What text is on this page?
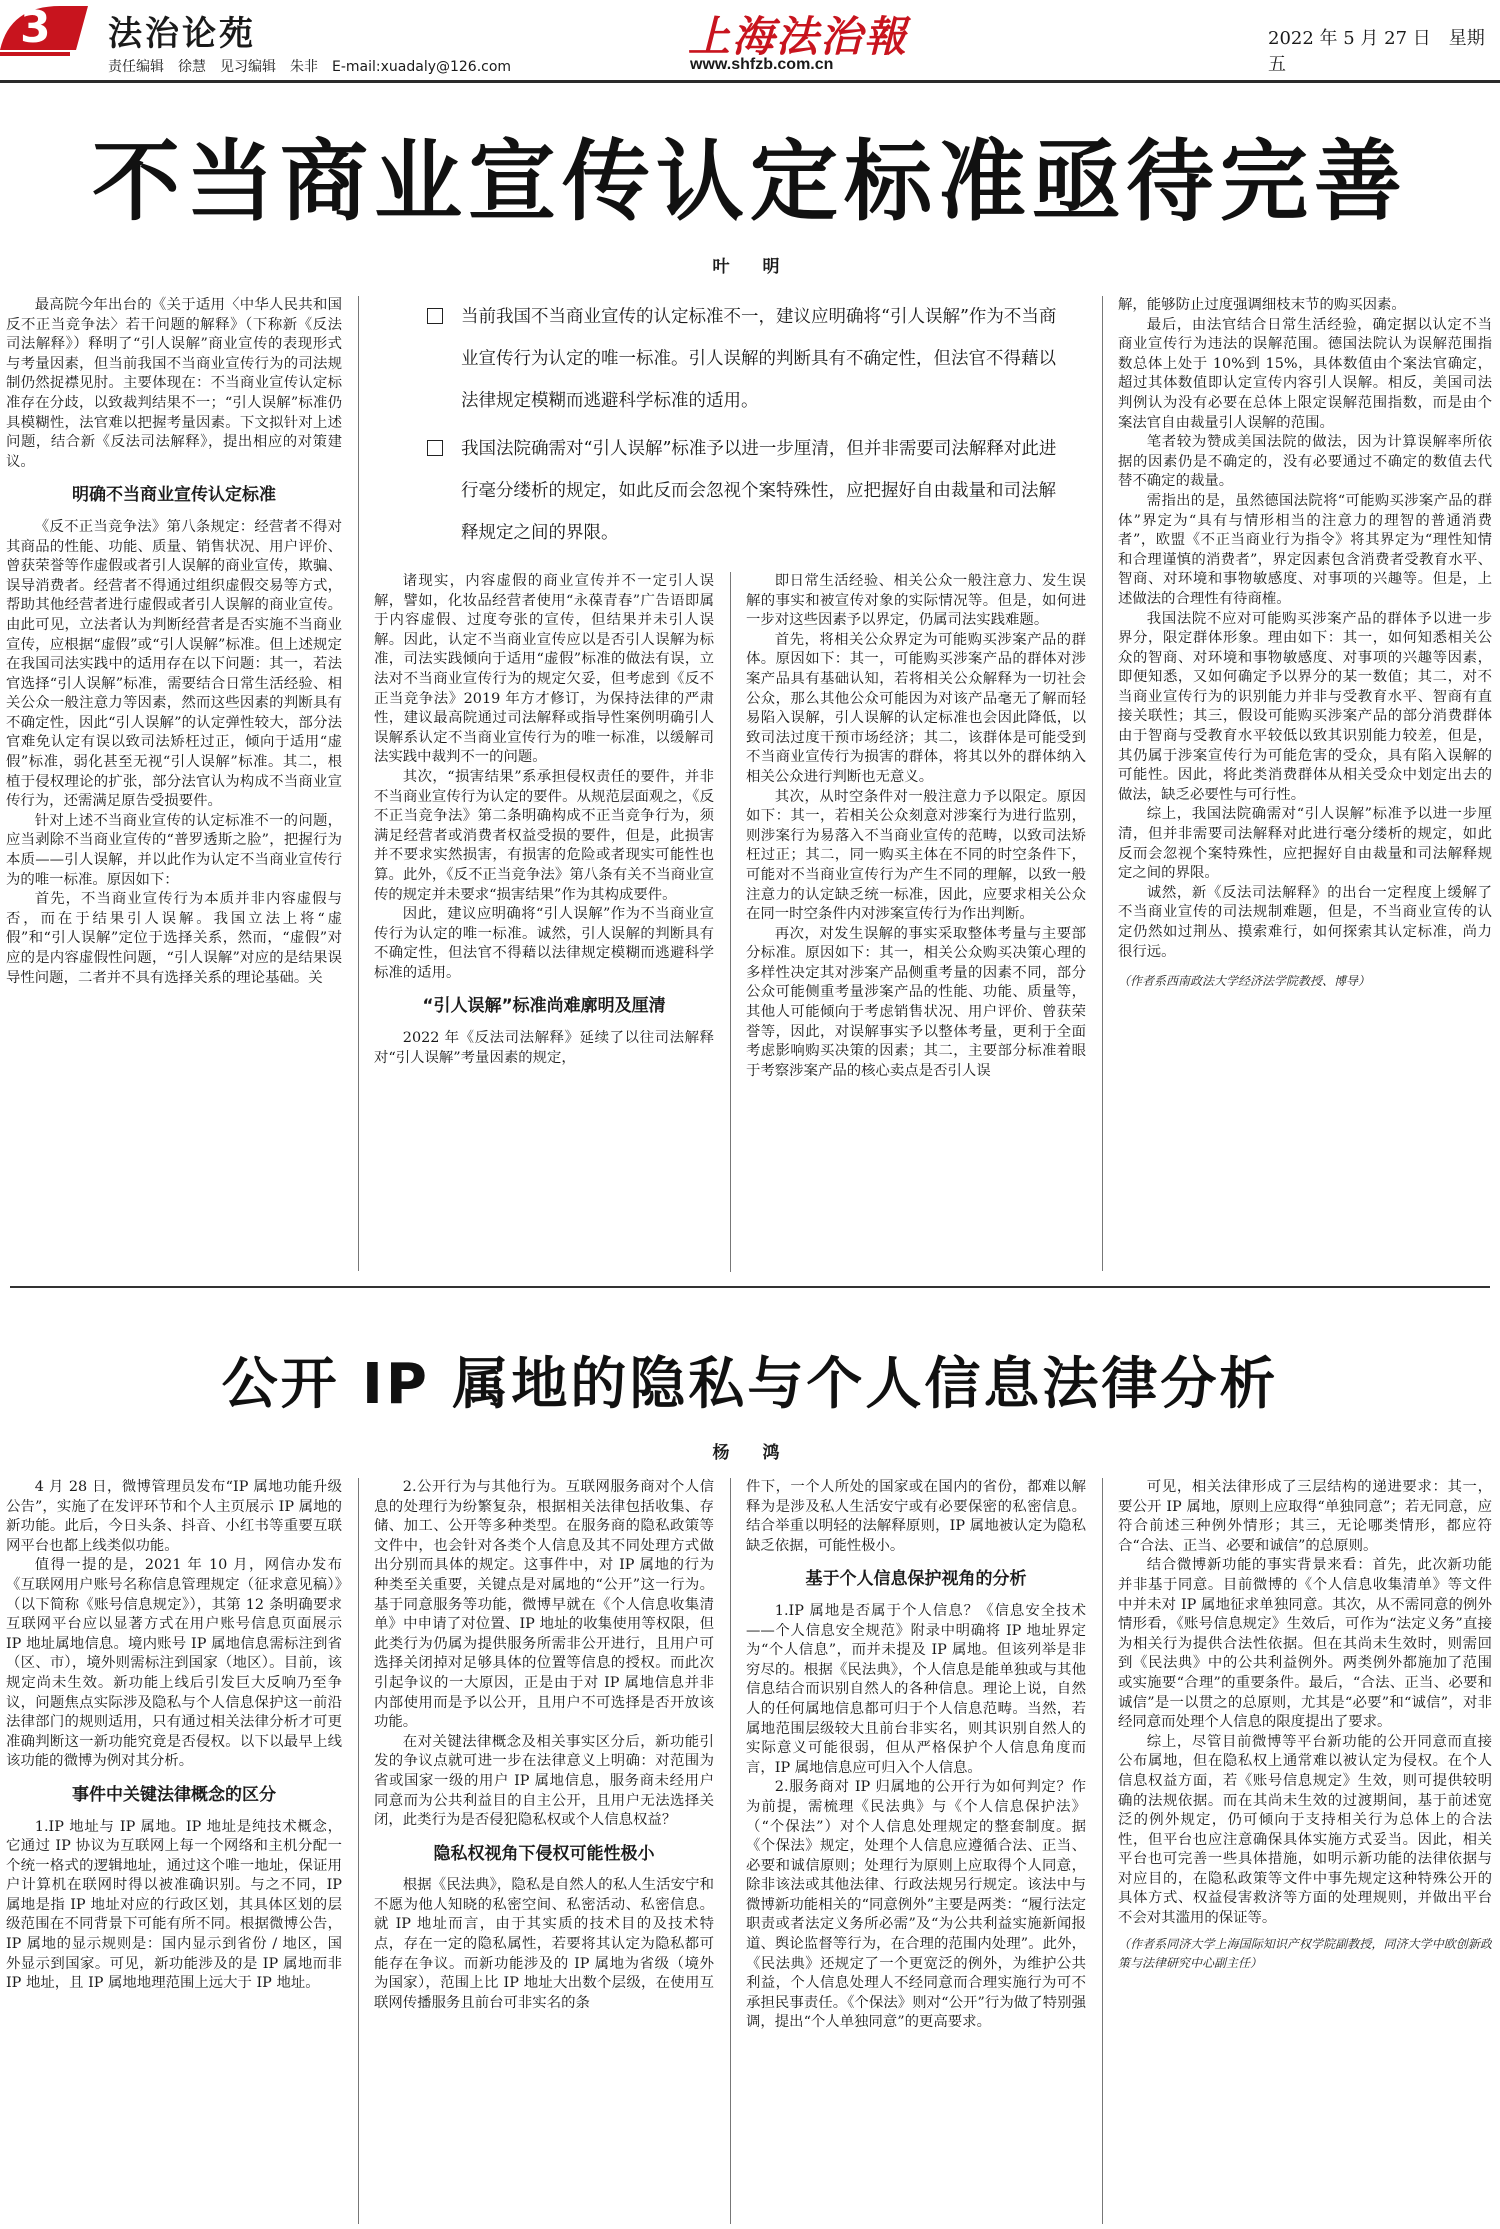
3 法治论苑
责任编辑　徐慧　见习编辑　朱非　E-mail:xuadaly@126.com
上海法治報
www.shfzb.com.cn
2022 年 5 月 27 日　星期五
不当商业宣传认定标准亟待完善
叶　明
当前我国不当商业宣传的认定标准不一，建议应明确将“引人误解”作为不当商业宣传行为认定的唯一标准。引人误解的判断具有不确定性，但法官不得藉以法律规定模糊而逃避科学标准的适用。
我国法院确需对“引人误解”标准予以进一步厘清，但并非需要司法解释对此进行毫分缕析的规定，如此反而会忽视个案特殊性，应把握好自由裁量和司法解释规定之间的界限。

最高院今年出台的《关于适用〈中华人民共和国反不正当竞争法〉若干问题的解释》（下称新《反法司法解释》）释明了“引人误解”商业宣传的表现形式与考量因素，但当前我国不当商业宣传行为的司法规制仍然捉襟见肘。主要体现在：不当商业宣传认定标准存在分歧，以致裁判结果不一；“引人误解”标准仍具模糊性，法官难以把握考量因素。下文拟针对上述问题，结合新《反法司法解释》，提出相应的对策建议。

明确不当商业宣传认定标准

《反不正当竞争法》第八条规定：经营者不得对其商品的性能、功能、质量、销售状况、用户评价、曾获荣誉等作虚假或者引人误解的商业宣传，欺骗、误导消费者。经营者不得通过组织虚假交易等方式，帮助其他经营者进行虚假或者引人误解的商业宣传。由此可见，立法者认为判断经营者是否实施不当商业宣传，应根据“虚假”或“引人误解”标准。但上述规定在我国司法实践中的适用存在以下问题：其一，若法官选择“引人误解”标准，需要结合日常生活经验、相关公众一般注意力等因素，然而这些因素的判断具有不确定性，因此“引人误解”的认定弹性较大，部分法官难免认定有误以致司法矫枉过正，倾向于适用“虚假”标准，弱化甚至无视“引人误解”标准。其二，根植于侵权理论的扩张，部分法官认为构成不当商业宣传行为，还需满足原告受损要件。

针对上述不当商业宣传的认定标准不一的问题，应当剥除不当商业宣传的“普罗透斯之脸”，把握行为本质——引人误解，并以此作为认定不当商业宣传行为的唯一标准。原因如下：

首先，不当商业宣传行为本质并非内容虚假与否，而在于结果引人误解。我国立法上将“虚假”和“引人误解”定位于选择关系，然而，“虚假”对应的是内容虚假性问题，“引人误解”对应的是结果误导性问题，二者并不具有选择关系的理论基础。关

诸现实，内容虚假的商业宣传并不一定引人误解，譬如，化妆品经营者使用“永葆青春”广告语即属于内容虚假、过度夸张的宣传，但结果并未引人误解。因此，认定不当商业宣传应以是否引人误解为标准，司法实践倾向于适用“虚假”标准的做法有误，立法对不当商业宣传行为的规定欠妥，但考虑到《反不正当竞争法》2019 年方才修订，为保持法律的严肃性，建议最高院通过司法解释或指导性案例明确引人误解系认定不当商业宣传行为的唯一标准，以缓解司法实践中裁判不一的问题。

其次，“损害结果”系承担侵权责任的要件，并非不当商业宣传行为认定的要件。从规范层面观之，《反不正当竞争法》第二条明确构成不正当竞争行为，须满足经营者或消费者权益受损的要件，但是，此损害并不要求实然损害，有损害的危险或者现实可能性也算。此外，《反不正当竞争法》第八条有关不当商业宣传的规定并未要求“损害结果”作为其构成要件。

因此，建议应明确将“引人误解”作为不当商业宣传行为认定的唯一标准。诚然，引人误解的判断具有不确定性，但法官不得藉以法律规定模糊而逃避科学标准的适用。

“引人误解”标准尚难廓明及厘清

2022 年《反法司法解释》延续了以往司法解释对“引人误解”考量因素的规定，

即日常生活经验、相关公众一般注意力、发生误解的事实和被宣传对象的实际情况等。但是，如何进一步对这些因素予以界定，仍属司法实践难题。

首先，将相关公众界定为可能购买涉案产品的群体。原因如下：其一，可能购买涉案产品的群体对涉案产品具有基础认知，若将相关公众解释为一切社会公众，那么其他公众可能因为对该产品毫无了解而轻易陷入误解，引人误解的认定标准也会因此降低，以致司法过度干预市场经济；其二，该群体是可能受到不当商业宣传行为损害的群体，将其以外的群体纳入相关公众进行判断也无意义。

其次，从时空条件对一般注意力予以限定。原因如下：其一，若相关公众刻意对涉案行为进行监别，则涉案行为易落入不当商业宣传的范畴，以致司法矫枉过正；其二，同一购买主体在不同的时空条件下，可能对不当商业宣传行为产生不同的理解，以致一般注意力的认定缺乏统一标准，因此，应要求相关公众在同一时空条件内对涉案宣传行为作出判断。

再次，对发生误解的事实采取整体考量与主要部分标准。原因如下：其一，相关公众购买决策心理的多样性决定其对涉案产品侧重考量的因素不同，部分公众可能侧重考量涉案产品的性能、功能、质量等，其他人可能倾向于考虑销售状况、用户评价、曾获荣誉等，因此，对误解事实予以整体考量，更利于全面考虑影响购买决策的因素；其二，主要部分标准着眼于考察涉案产品的核心卖点是否引人误

解，能够防止过度强调细枝末节的购买因素。

最后，由法官结合日常生活经验，确定据以认定不当商业宣传行为违法的误解范围。德国法院认为误解范围指数总体上处于 10%到 15%，具体数值由个案法官确定，超过其体数值即认定宣传内容引人误解。相反，美国司法判例认为没有必要在总体上限定误解范围指数，而是由个案法官自由裁量引人误解的范围。

笔者较为赞成美国法院的做法，因为计算误解率所依据的因素仍是不确定的，没有必要通过不确定的数值去代替不确定的裁量。

需指出的是，虽然德国法院将“可能购买涉案产品的群体”界定为“具有与情形相当的注意力的理智的普通消费者”，欧盟《不正当商业行为指令》将其界定为“理性知情和合理谨慎的消费者”，界定因素包含消费者受教育水平、智商、对环境和事物敏感度、对事项的兴趣等。但是，上述做法的合理性有待商榷。

我国法院不应对可能购买涉案产品的群体予以进一步界分，限定群体形象。理由如下：其一，如何知悉相关公众的智商、对环境和事物敏感度、对事项的兴趣等因素，即便知悉，又如何确定予以界分的某一数值；其二，对不当商业宣传行为的识别能力并非与受教育水平、智商有直接关联性；其三，假设可能购买涉案产品的部分消费群体由于智商与受教育水平较低以致其识别能力较差，但是，其仍属于涉案宣传行为可能危害的受众，具有陷入误解的可能性。因此，将此类消费群体从相关受众中划定出去的做法，缺乏必要性与可行性。

综上，我国法院确需对“引人误解”标准予以进一步厘清，但并非需要司法解释对此进行毫分缕析的规定，如此反而会忽视个案特殊性，应把握好自由裁量和司法解释规定之间的界限。

诚然，新《反法司法解释》的出台一定程度上缓解了不当商业宣传的司法规制难题，但是，不当商业宣传的认定仍然如过荆丛、摸索难行，如何探索其认定标准，尚力很行远。

（作者系西南政法大学经济法学院教授、博导）

公开 IP 属地的隐私与个人信息法律分析
杨　鸿

4 月 28 日，微博管理员发布“IP 属地功能升级公告”，实施了在发评环节和个人主页展示 IP 属地的新功能。此后，今日头条、抖音、小红书等重要互联网平台也都上线类似功能。

值得一提的是，2021 年 10 月，网信办发布《互联网用户账号名称信息管理规定（征求意见稿）》（以下简称《账号信息规定》），其第 12 条明确要求互联网平台应以显著方式在用户账号信息页面展示 IP 地址属地信息。境内账号 IP 属地信息需标注到省（区、市），境外则需标注到国家（地区）。目前，该规定尚未生效。新功能上线后引发巨大反响乃至争议，问题焦点实际涉及隐私与个人信息保护这一前沿法律部门的规则适用，只有通过相关法律分析才可更准确判断这一新功能究竟是否侵权。以下以最早上线该功能的微博为例对其分析。

事件中关键法律概念的区分

1.IP 地址与 IP 属地。IP 地址是纯技术概念，它通过 IP 协议为互联网上每一个网络和主机分配一个统一格式的逻辑地址，通过这个唯一地址，保证用户计算机在联网时得以被准确识别。与之不同，IP 属地是指 IP 地址对应的行政区划，其具体区划的层级范围在不同背景下可能有所不同。根据微博公告，IP 属地的显示规则是：国内显示到省份 / 地区，国外显示到国家。可见，新功能涉及的是 IP 属地而非 IP 地址，且 IP 属地地理范围上远大于 IP 地址。

2.公开行为与其他行为。互联网服务商对个人信息的处理行为纷繁复杂，根据相关法律包括收集、存储、加工、公开等多种类型。在服务商的隐私政策等文件中，也会针对各类个人信息及其不同处理方式做出分别而具体的规定。这事件中，对 IP 属地的行为种类至关重要，关键点是对属地的“公开”这一行为。基于同意服务等功能，微博早就在《个人信息收集清单》中申请了对位置、IP 地址的收集使用等权限，但此类行为仍属为提供服务所需非公开进行，且用户可选择关闭掉对足够具体的位置等信息的授权。而此次引起争议的一大原因，正是由于对 IP 属地信息并非内部使用而是予以公开，且用户不可选择是否开放该功能。

在对关键法律概念及相关事实区分后，新功能引发的争议点就可进一步在法律意义上明确：对范围为省或国家一级的用户 IP 属地信息，服务商未经用户同意而为公共利益目的自主公开，且用户无法选择关闭，此类行为是否侵犯隐私权或个人信息权益？

隐私权视角下侵权可能性极小

根据《民法典》，隐私是自然人的私人生活安宁和不愿为他人知晓的私密空间、私密活动、私密信息。就 IP 地址而言，由于其实质的技术目的及技术特点，存在一定的隐私属性，若要将其认定为隐私都可能存在争议。而新功能涉及的 IP 属地为省级（境外为国家），范围上比 IP 地址大出数个层级，在使用互联网传播服务且前台可非实名的条

件下，一个人所处的国家或在国内的省份，都难以解释为是涉及私人生活安宁或有必要保密的私密信息。结合举重以明轻的法解释原则，IP 属地被认定为隐私缺乏依据，可能性极小。

基于个人信息保护视角的分析

1.IP 属地是否属于个人信息？《信息安全技术——个人信息安全规范》附录中明确将 IP 地址界定为“个人信息”，而并未提及 IP 属地。但该列举是非穷尽的。根据《民法典》，个人信息是能单独或与其他信息结合而识别自然人的各种信息。理论上说，自然人的任何属地信息都可归于个人信息范畴。当然，若属地范围层级较大且前台非实名，则其识别自然人的实际意义可能很弱，但从严格保护个人信息角度而言，IP 属地信息应可归入个人信息。

2.服务商对 IP 归属地的公开行为如何判定？作为前提，需梳理《民法典》与《个人信息保护法》（“个保法”）对个人信息处理规定的整套制度。据《个保法》规定，处理个人信息应遵循合法、正当、必要和诚信原则；处理行为原则上应取得个人同意，除非该法或其他法律、行政法规另行规定。该法中与微博新功能相关的“同意例外”主要是两类：“履行法定职责或者法定义务所必需”及“为公共利益实施新闻报道、舆论监督等行为，在合理的范围内处理”。此外，《民法典》还规定了一个更宽泛的例外，为维护公共利益，个人信息处理人不经同意而合理实施行为可不承担民事责任。《个保法》则对“公开”行为做了特别强调，提出“个人单独同意”的更高要求。

可见，相关法律形成了三层结构的递进要求：其一，要公开 IP 属地，原则上应取得“单独同意”；若无同意，应符合前述三种例外情形；其三，无论哪类情形，都应符合“合法、正当、必要和诚信”的总原则。

结合微博新功能的事实背景来看：首先，此次新功能并非基于同意。目前微博的《个人信息收集清单》等文件中并未对 IP 属地征求单独同意。其次，从不需同意的例外情形看，《账号信息规定》生效后，可作为“法定义务”直接为相关行为提供合法性依据。但在其尚未生效时，则需回到《民法典》中的公共利益例外。两类例外都施加了范围或实施要“合理”的重要条件。最后，“合法、正当、必要和诚信”是一以贯之的总原则，尤其是“必要”和“诚信”，对非经同意而处理个人信息的限度提出了要求。

综上，尽管目前微博等平台新功能的公开同意而直接公布属地，但在隐私权上通常难以被认定为侵权。在个人信息权益方面，若《账号信息规定》生效，则可提供较明确的法规依据。而在其尚未生效的过渡期间，基于前述宽泛的例外规定，仍可倾向于支持相关行为总体上的合法性，但平台也应注意确保具体实施方式妥当。因此，相关平台也可完善一些具体措施，如明示新功能的法律依据与对应目的，在隐私政策等文件中事先规定这种特殊公开的具体方式、权益侵害救济等方面的处理规则，并做出平台不会对其滥用的保证等。

（作者系同济大学上海国际知识产权学院副教授，同济大学中欧创新政策与法律研究中心副主任）
